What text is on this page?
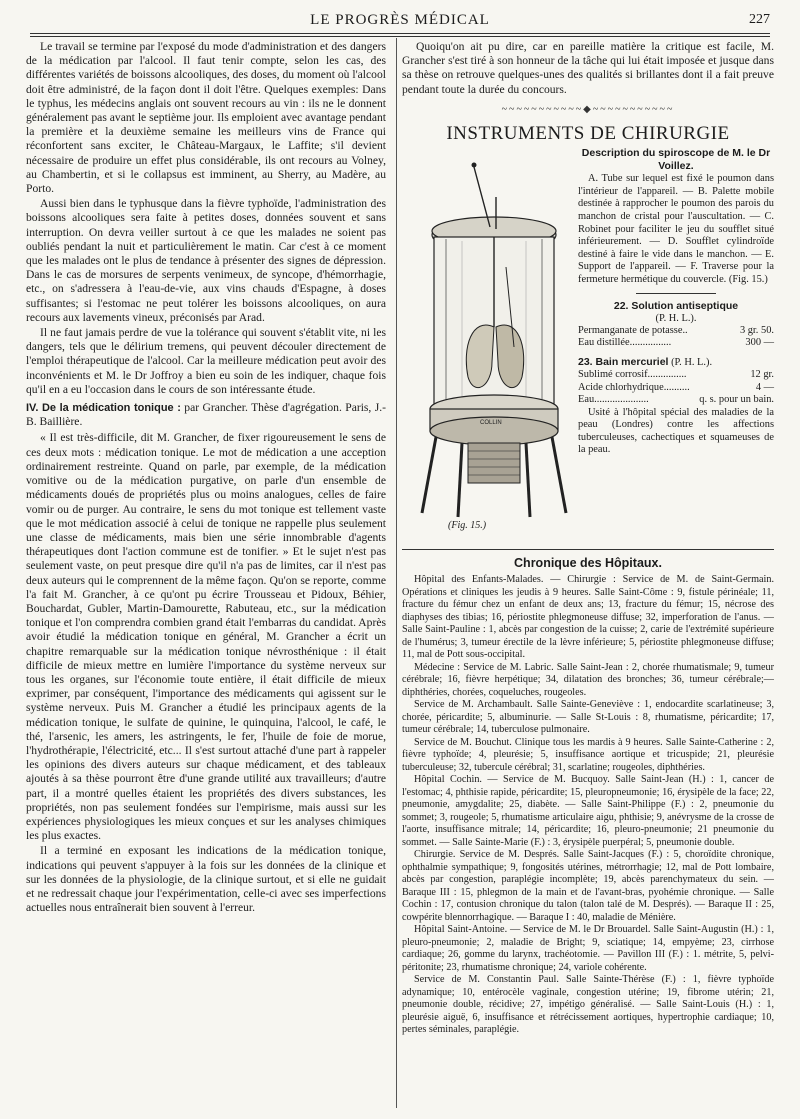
LE PROGRÈS MÉDICAL	227

Le travail se termine par l'exposé du mode d'administration et des dangers de la médication par l'alcool. Il faut tenir compte, selon les cas, des différentes variétés de boissons alcooliques, des doses, du moment où l'alcool doit être administré, de la façon dont il doit l'être. Quelques exemples: Dans le typhus, les médecins anglais ont souvent recours au vin : ils ne le donnent généralement pas avant le septième jour. Ils emploient avec avantage pendant la première et la deuxième semaine les meilleurs vins de France qui réconfortent sans exciter, le Château-Margaux, le Laffite; s'il devient nécessaire de produire un effet plus considérable, ils ont recours au Volney, au Chambertin, et si le collapsus est imminent, au Sherry, au Madère, au Porto.

Aussi bien dans le typhusque dans la fièvre typhoïde, l'administration des boissons alcooliques sera faite à petites doses, données souvent et sans interruption. On devra veiller surtout à ce que les malades ne soient pas oubliés pendant la nuit et particulièrement le matin. Car c'est à ce moment que les malades ont le plus de tendance à présenter des signes de dépression. Dans le cas de morsures de serpents venimeux, de syncope, d'hémorrhagie, etc., on s'adressera à l'eau-de-vie, aux vins chauds d'Espagne, à doses suffisantes; si l'estomac ne peut tolérer les boissons alcooliques, on aura recours aux lavements vineux, préconisés par Arad.

Il ne faut jamais perdre de vue la tolérance qui souvent s'établit vite, ni les dangers, tels que le délirium tremens, qui peuvent découler directement de l'emploi thérapeutique de l'alcool. Car la meilleure médication peut avoir des inconvénients et M. le Dr Joffroy a bien eu soin de les indiquer, chaque fois qu'il en a eu l'occasion dans le cours de son intéressante étude.

IV. De la médication tonique : par Grancher. Thèse d'agrégation. Paris, J.-B. Baillière.

« Il est très-difficile, dit M. Grancher, de fixer rigoureusement le sens de ces deux mots : médication tonique. Le mot de médication a une acception ordinairement restreinte. Quand on parle, par exemple, de la médication vomitive ou de la médication purgative, on parle d'un ensemble de médicaments doués de propriétés plus ou moins analogues, celles de faire vomir ou de purger. Au contraire, le sens du mot tonique est tellement vaste que le mot médication associé à celui de tonique ne rappelle plus seulement une classe de médicaments, mais bien une série innombrable d'agents thérapeutiques dont l'action commune est de tonifier. » Et le sujet n'est pas seulement vaste, on peut presque dire qu'il n'a pas de limites, car il n'est pas deux auteurs qui le comprennent de la même façon. Qu'on se reporte, comme l'a fait M. Grancher, à ce qu'ont pu écrire Trousseau et Pidoux, Béhier, Bouchardat, Gubler, Martin-Damourette, Rabuteau, etc., sur la médication tonique et l'on comprendra combien grand était l'embarras du candidat. Après avoir étudié la médication tonique en général, M. Grancher a écrit un chapitre remarquable sur la médication tonique névrosthénique : il était difficile de mieux mettre en lumière l'importance du système nerveux sur tous les organes, sur l'économie toute entière, il était difficile de mieux exprimer, par conséquent, l'importance des médicaments qui agissent sur le système nerveux. Puis M. Grancher a étudié les principaux agents de la médication tonique, le sulfate de quinine, le quinquina, l'alcool, le café, le thé, l'arsenic, les amers, les astringents, le fer, l'huile de foie de morue, l'hydrothérapie, l'électricité, etc... Il s'est surtout attaché d'une part à rappeler les opinions des divers auteurs sur chaque médicament, et des tableaux ajoutés à sa thèse pourront être d'une grande utilité aux travailleurs; d'autre part, il a montré quelles étaient les propriétés des divers substances, les propriétés, non pas seulement fondées sur l'empirisme, mais aussi sur les expériences physiologiques les mieux conçues et sur les analyses chimiques les plus exactes.

Il a terminé en exposant les indications de la médication tonique, indications qui peuvent s'appuyer à la fois sur les données de la clinique et sur les données de la physiologie, de la clinique surtout, et si elle ne guidait et ne redressait chaque jour l'expérimentation, celle-ci avec ses imperfections actuelles nous entraînerait bien souvent à l'erreur.

Quoiqu'on ait pu dire, car en pareille matière la critique est facile, M. Grancher s'est tiré à son honneur de la tâche qui lui était imposée et jusque dans sa thèse on retrouve quelques-unes des qualités si brillantes dont il a fait preuve pendant toute la durée du concours.

~~~~~~~~~~~◆~~~~~~~~~~~
INSTRUMENTS DE CHIRURGIE
COLLIN
(Fig. 15.)
Description du spiroscope de M. le Dr Voillez.

A. Tube sur lequel est fixé le poumon dans l'intérieur de l'appareil. — B. Palette mobile destinée à rapprocher le poumon des parois du manchon de cristal pour l'auscultation. — C. Robinet pour faciliter le jeu du soufflet situé inférieurement. — D. Soufflet cylindroïde destiné à faire le vide dans le manchon. — E. Support de l'appareil. — F. Traverse pour la fermeture hermétique du couvercle. (Fig. 15.)

22. Solution antiseptique
(P. H. L.).
Permanganate de potasse..	3 gr. 50.
Eau distillée................	300 —
23. Bain mercuriel (P. H. L.).
Sublimé corrosif...............	12 gr.
Acide chlorhydrique..........	4 —
Eau.....................	q. s. pour un bain.

Usité à l'hôpital spécial des maladies de la peau (Londres) contre les affections tuberculeuses, cachectiques et squameuses de la peau.

Chronique des Hôpitaux.

Hôpital des Enfants-Malades. — Chirurgie : Service de M. de Saint-Germain. Opérations et cliniques les jeudis à 9 heures. Salle Saint-Côme : 9, fistule périnéale; 11, fracture du fémur chez un enfant de deux ans; 13, fracture du fémur; 15, nécrose des diaphyses des tibias; 16, périostite phlegmoneuse diffuse; 32, imperforation de l'anus. — Salle Saint-Pauline : 1, abcès par congestion de la cuisse; 2, carie de l'extrémité supérieure de l'humérus; 3, tumeur érectile de la lèvre inférieure; 5, périostite phlegmoneuse diffuse; 11, mal de Pott sous-occipital.

Médecine : Service de M. Labric. Salle Saint-Jean : 2, chorée rhumatismale; 9, tumeur cérébrale; 16, fièvre herpétique; 34, dilatation des bronches; 36, tumeur cérébrale;— diphthéries, chorées, coqueluches, rougeoles.

Service de M. Archambault. Salle Sainte-Geneviève : 1, endocardite scarlatineuse; 3, chorée, péricardite; 5, albuminurie. — Salle St-Louis : 8, rhumatisme, péricardite; 17, tumeur cérébrale; 14, tuberculose pulmonaire.

Service de M. Bouchut. Clinique tous les mardis à 9 heures. Salle Sainte-Catherine : 2, fièvre typhoïde; 4, pleurésie; 5, insuffisance aortique et tricuspide; 21, pleurésie tuberculeuse; 32, tubercule cérébral; 31, scarlatine; rougeoles, diphthéries.

Hôpital Cochin. — Service de M. Bucquoy. Salle Saint-Jean (H.) : 1, cancer de l'estomac; 4, phthisie rapide, péricardite; 15, pleuropneumonie; 16, érysipèle de la face; 22, pneumonie, amygdalite; 25, diabète. — Salle Saint-Philippe (F.) : 2, pneumonie du sommet; 3, rougeole; 5, rhumatisme articulaire aigu, phthisie; 9, anévrysme de la crosse de l'aorte, insuffisance mitrale; 14, péricardite; 16, pleuro-pneumonie; 21 pneumonie du sommet. — Salle Sainte-Marie (F.) : 3, érysipèle puerpéral; 5, pneumonie double.

Chirurgie. Service de M. Després. Salle Saint-Jacques (F.) : 5, choroïdite chronique, ophthalmie sympathique; 9, fongosités utérines, métrorrhagie; 12, mal de Pott lombaire, abcès par congestion, paraplégie incomplète; 19, abcès parenchymateux du sein. — Baraque III : 15, phlegmon de la main et de l'avant-bras, pyohémie chronique. — Salle Cochin : 17, contusion chronique du talon (talon talé de M. Després). — Baraque II : 25, cowpérite blennorrhagique. — Baraque I : 40, maladie de Ménière.

Hôpital Saint-Antoine. — Service de M. le Dr Brouardel. Salle Saint-Augustin (H.) : 1, pleuro-pneumonie; 2, maladie de Bright; 9, sciatique; 14, empyème; 23, cirrhose cardiaque; 26, gomme du larynx, trachéotomie. — Pavillon III (F.) : 1. métrite, 5, pelvi-péritonite; 23, rhumatisme chronique; 24, variole cohérente.

Service de M. Constantin Paul. Salle Sainte-Thérèse (F.) : 1, fièvre typhoïde adynamique; 10, entérocèle vaginale, congestion utérine; 19, fibrome utérin; 21, pneumonie double, récidive; 27, impétigo généralisé. — Salle Saint-Louis (H.) : 1, pleurésie aiguë, 6, insuffisance et rétrécissement aortiques, hypertrophie cardiaque; 10, pertes séminales, paraplégie.
